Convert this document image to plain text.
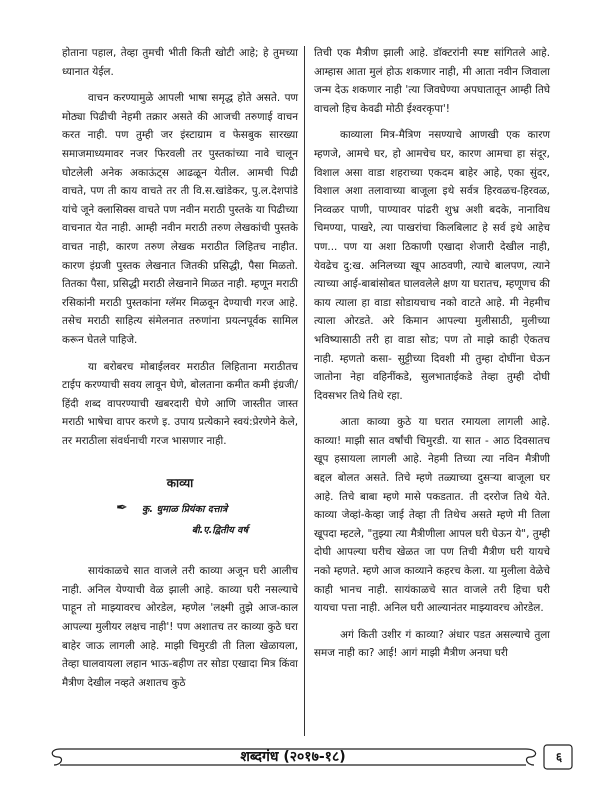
होताना पहाल, तेव्हा तुमची भीती किती खोटी आहे; हे तुमच्या ध्यानात येईल.

वाचन करण्यामुळे आपली भाषा समृद्ध होते असते. पण मोठ्या पिढीची नेहमी तक्रार असते की आजची तरुणाई वाचन करत नाही. पण तुम्ही जर इंस्टाग्राम व फेसबुक सारख्या समाजमाध्यमावर नजर फिरवली तर पुस्तकांच्या नावे चालून घोटलेली अनेक अकाऊंट्स आढळून येतील. आमची पिढी वाचते, पण ती काय वाचते तर ती वि.स.खांडेकर, पु.ल.देशपांडे यांचे जूने क्लासिक्स वाचते पण नवीन मराठी पुस्तके या पिढीच्या वाचनात येत नाही. आम्ही नवीन मराठी तरुण लेखकांची पुस्तके वाचत नाही, कारण तरुण लेखक मराठीत लिहितच नाहीत. कारण इंग्रजी पुस्तक लेखनात जितकी प्रसिद्धी, पैसा मिळतो. तितका पैसा, प्रसिद्धी मराठी लेखनाने मिळत नाही. म्हणून मराठी रसिकांनी मराठी पुस्तकांना ग्लॅमर मिळवून देण्याची गरज आहे. तसेच मराठी साहित्य संमेलनात तरुणांना प्रयत्नपूर्वक सामिल करून घेतले पाहिजे.

या बरोबरच मोबाईलवर मराठीत लिहिताना मराठीतच टाईप करण्याची सवय लावून घेणे, बोलताना कमीत कमी इंग्रजी/हिंदी शब्द वापरण्याची खबरदारी घेणे आणि जास्तीत जास्त मराठी भाषेचा वापर करणे इ. उपाय प्रत्येकाने स्वयं:प्रेरणेने केले, तर मराठीला संवर्धनाची गरज भासणार नाही.

काव्या
✒ कु. धुमाळ प्रियंका दत्तात्रे
बी.ए.द्वितीय वर्ष

सायंकाळचे सात वाजले तरी काव्या अजून घरी आलीच नाही. अनिल येण्याची वेळ झाली आहे. काव्या घरी नसल्याचे पाहून तो माझ्यावरच ओरडेल, म्हणेल 'लक्ष्मी तुझे आज-काल आपल्या मुलीयर लक्षच नाही'! पण अशातच तर काव्या कुठे घरा बाहेर जाऊ लागली आहे. माझी चिमुरडी ती तिला खेळायला, तेव्हा घालवायला लहान भाऊ-बहीण तर सोडा एखादा मित्र किंवा मैत्रीण देखील नव्हते अशातच कुठे

तिची एक मैत्रीण झाली आहे. डॉक्टरांनी स्पष्ट सांगितले आहे. आम्हास आता मुलं होऊ शकणार नाही, मी आता नवीन जिवाला जन्म देऊ शकणार नाही 'त्या जिवघेण्या अपघातातून आम्ही तिघे वाचलो हिच केवढी मोठी ईश्वरकृपा'!

काव्याला मित्र-मैत्रिण नसण्याचे आणखी एक कारण म्हणजे, आमचे घर, हो आमचेच घर, कारण आमचा हा संदूर, विशाल असा वाडा शहराच्या एकदम बाहेर आहे, एका सुंदर, विशाल अशा तलावाच्या बाजूला इथे सर्वत्र हिरवळच-हिरवळ, निव्वळर पाणी, पाण्यावर पांढरी शुभ्र अशी बदके, नानाविध चिमण्या, पाखरे, त्या पाखरांचा किलबिलाट हे सर्व इथे आहेच पण... पण या अशा ठिकाणी एखादा शेजारी देखील नाही, येवढेच दु:ख. अनिलच्या खूप आठवणी, त्याचे बालपण, त्याने त्याच्या आई-बाबांसोबत घालवलेले क्षण या घरातच, म्हणूणच की काय त्याला हा वाडा सोडायचाच नको वाटते आहे. मी नेहमीच त्याला ओरडते. अरे किमान आपल्या मुलीसाठी, मुलीच्या भविष्यासाठी तरी हा वाडा सोड; पण तो माझे काही ऐकतच नाही. म्हणतो कसा- सुट्टीच्या दिवशी मी तुम्हा दोघींना घेऊन जातोना नेहा वहिनींकडे, सुलभाताईकडे तेव्हा तुम्ही दोघी दिवसभर तिथे तिथे रहा.

आता काव्या कुठे या घरात रमायला लागली आहे. काव्या! माझी सात वर्षांची चिमुरडी. या सात - आठ दिवसातच खूप हसायला लागली आहे. नेहमी तिच्या त्या नविन मैत्रीणी बद्दल बोलत असते. तिचे म्हणे तळ्याच्या दुसऱ्या बाजूला घर आहे. तिचे बाबा म्हणे मासे पकडतात. ती दररोज तिथे येते. काव्या जेव्हां-केव्हा जाई तेव्हा ती तिथेच असते म्हणे मी तिला खूपदा म्हटले, "तुझ्या त्या मैत्रीणीला आपल घरी घेऊन ये", तुम्ही दोघी आपल्या घरीच खेळत जा पण तिची मैत्रीण घरी यायचे नको म्हणते. म्हणे आज काव्याने कहरच केला. या मुलीला वेळेचे काही भानच नाही. सायंकाळचे सात वाजले तरी हिचा घरी यायचा पत्ता नाही. अनिल घरी आल्यानंतर माझ्यावरच ओरडेल.

अगं किती उशीर गं काव्या? अंधार पडत असल्याचे तुला समज नाही का? आई! आगं माझी मैत्रीण अनघा घरी

शब्दगंध (२०१७-१८)	६
